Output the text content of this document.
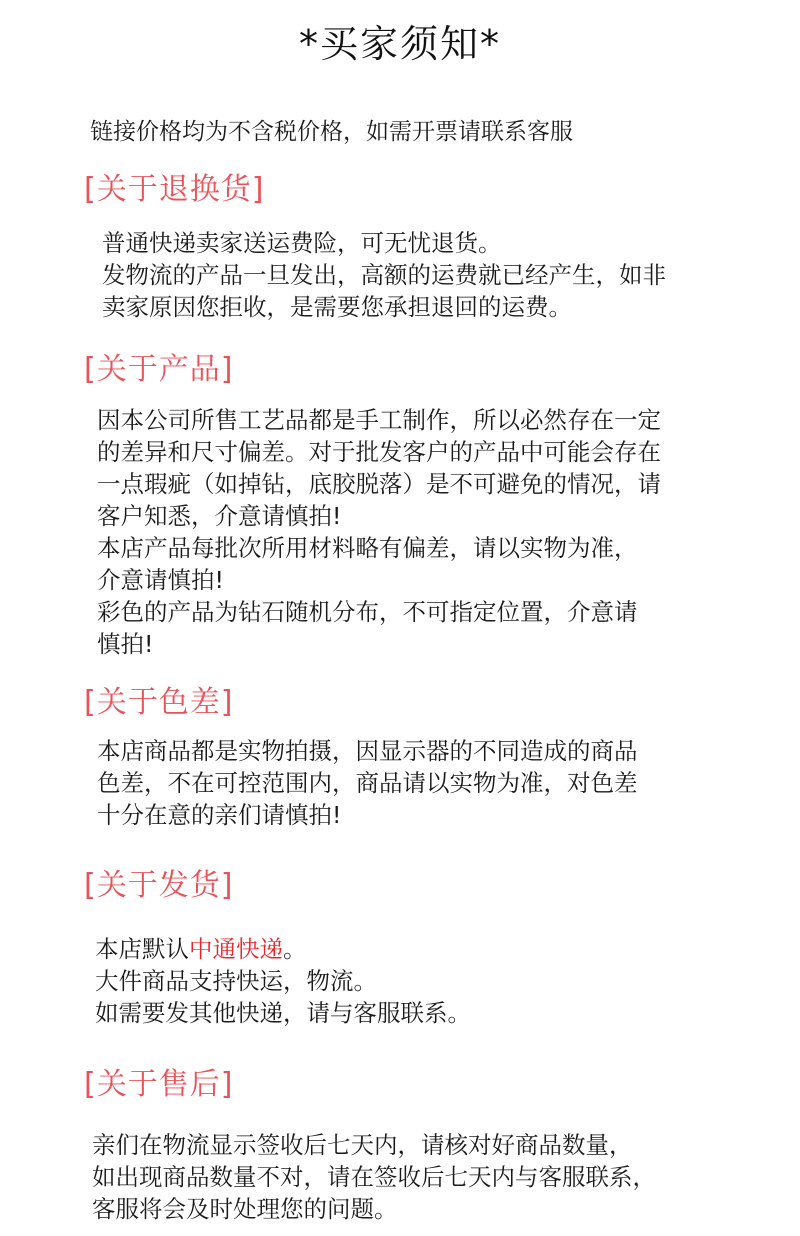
*买家须知*
链接价格均为不含税价格，如需开票请联系客服
[关于退换货]
普通快递卖家送运费险，可无忧退货。
发物流的产品一旦发出，高额的运费就已经产生，如非
卖家原因您拒收，是需要您承担退回的运费。
[关于产品]
因本公司所售工艺品都是手工制作，所以必然存在一定
的差异和尺寸偏差。对于批发客户的产品中可能会存在
一点瑕疵（如掉钻，底胶脱落）是不可避免的情况，请
客户知悉，介意请慎拍!
本店产品每批次所用材料略有偏差，请以实物为准，
介意请慎拍!
彩色的产品为钻石随机分布，不可指定位置，介意请
慎拍!
[关于色差]
本店商品都是实物拍摄，因显示器的不同造成的商品
色差，不在可控范围内，商品请以实物为准，对色差
十分在意的亲们请慎拍!
[关于发货]
本店默认中通快递。
大件商品支持快运，物流。
如需要发其他快递，请与客服联系。
[关于售后]
亲们在物流显示签收后七天内，请核对好商品数量，
如出现商品数量不对，请在签收后七天内与客服联系，
客服将会及时处理您的问题。
